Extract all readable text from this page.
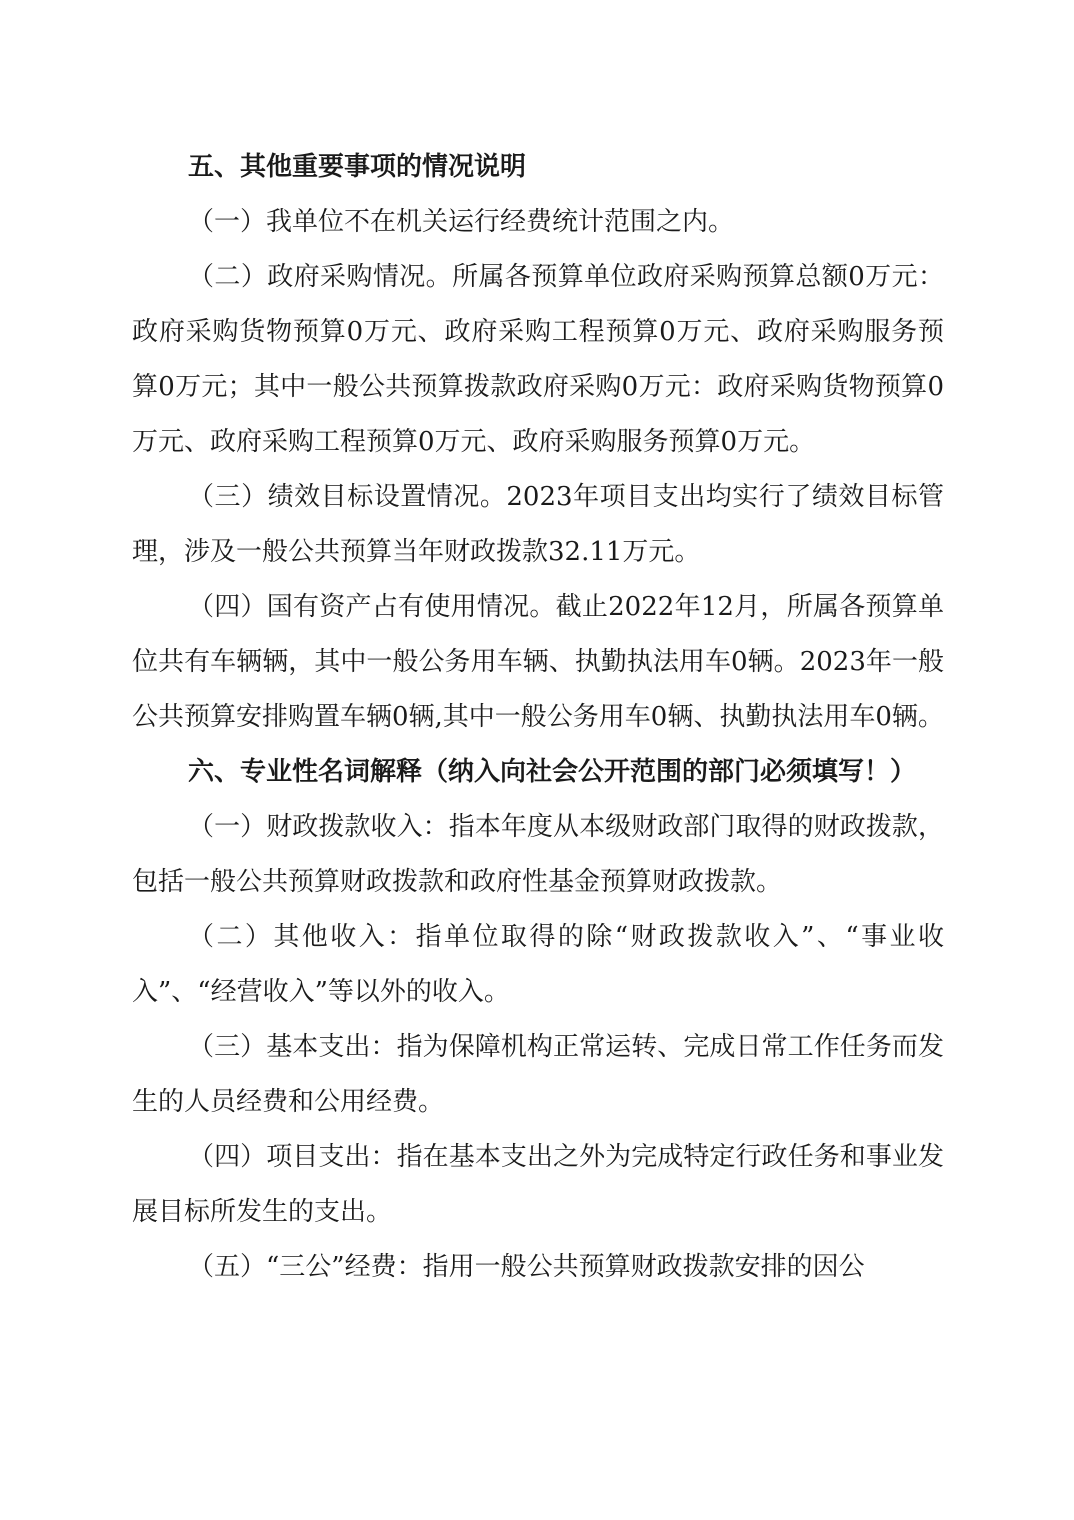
五、其他重要事项的情况说明

（一）我单位不在机关运行经费统计范围之内。

（二）政府采购情况。所属各预算单位政府采购预算总额0万元：政府采购货物预算0万元、政府采购工程预算0万元、政府采购服务预算0万元；其中一般公共预算拨款政府采购0万元：政府采购货物预算0万元、政府采购工程预算0万元、政府采购服务预算0万元。

（三）绩效目标设置情况。2023年项目支出均实行了绩效目标管理，涉及一般公共预算当年财政拨款32.11万元。

（四）国有资产占有使用情况。截止2022年12月，所属各预算单位共有车辆辆，其中一般公务用车辆、执勤执法用车0辆。2023年一般公共预算安排购置车辆0辆,其中一般公务用车0辆、执勤执法用车0辆。

六、专业性名词解释（纳入向社会公开范围的部门必须填写！）

（一）财政拨款收入：指本年度从本级财政部门取得的财政拨款，包括一般公共预算财政拨款和政府性基金预算财政拨款。

（二）其他收入：指单位取得的除“财政拨款收入”、“事业收入”、“经营收入”等以外的收入。

（三）基本支出：指为保障机构正常运转、完成日常工作任务而发生的人员经费和公用经费。

（四）项目支出：指在基本支出之外为完成特定行政任务和事业发展目标所发生的支出。

（五）“三公”经费：指用一般公共预算财政拨款安排的因公
